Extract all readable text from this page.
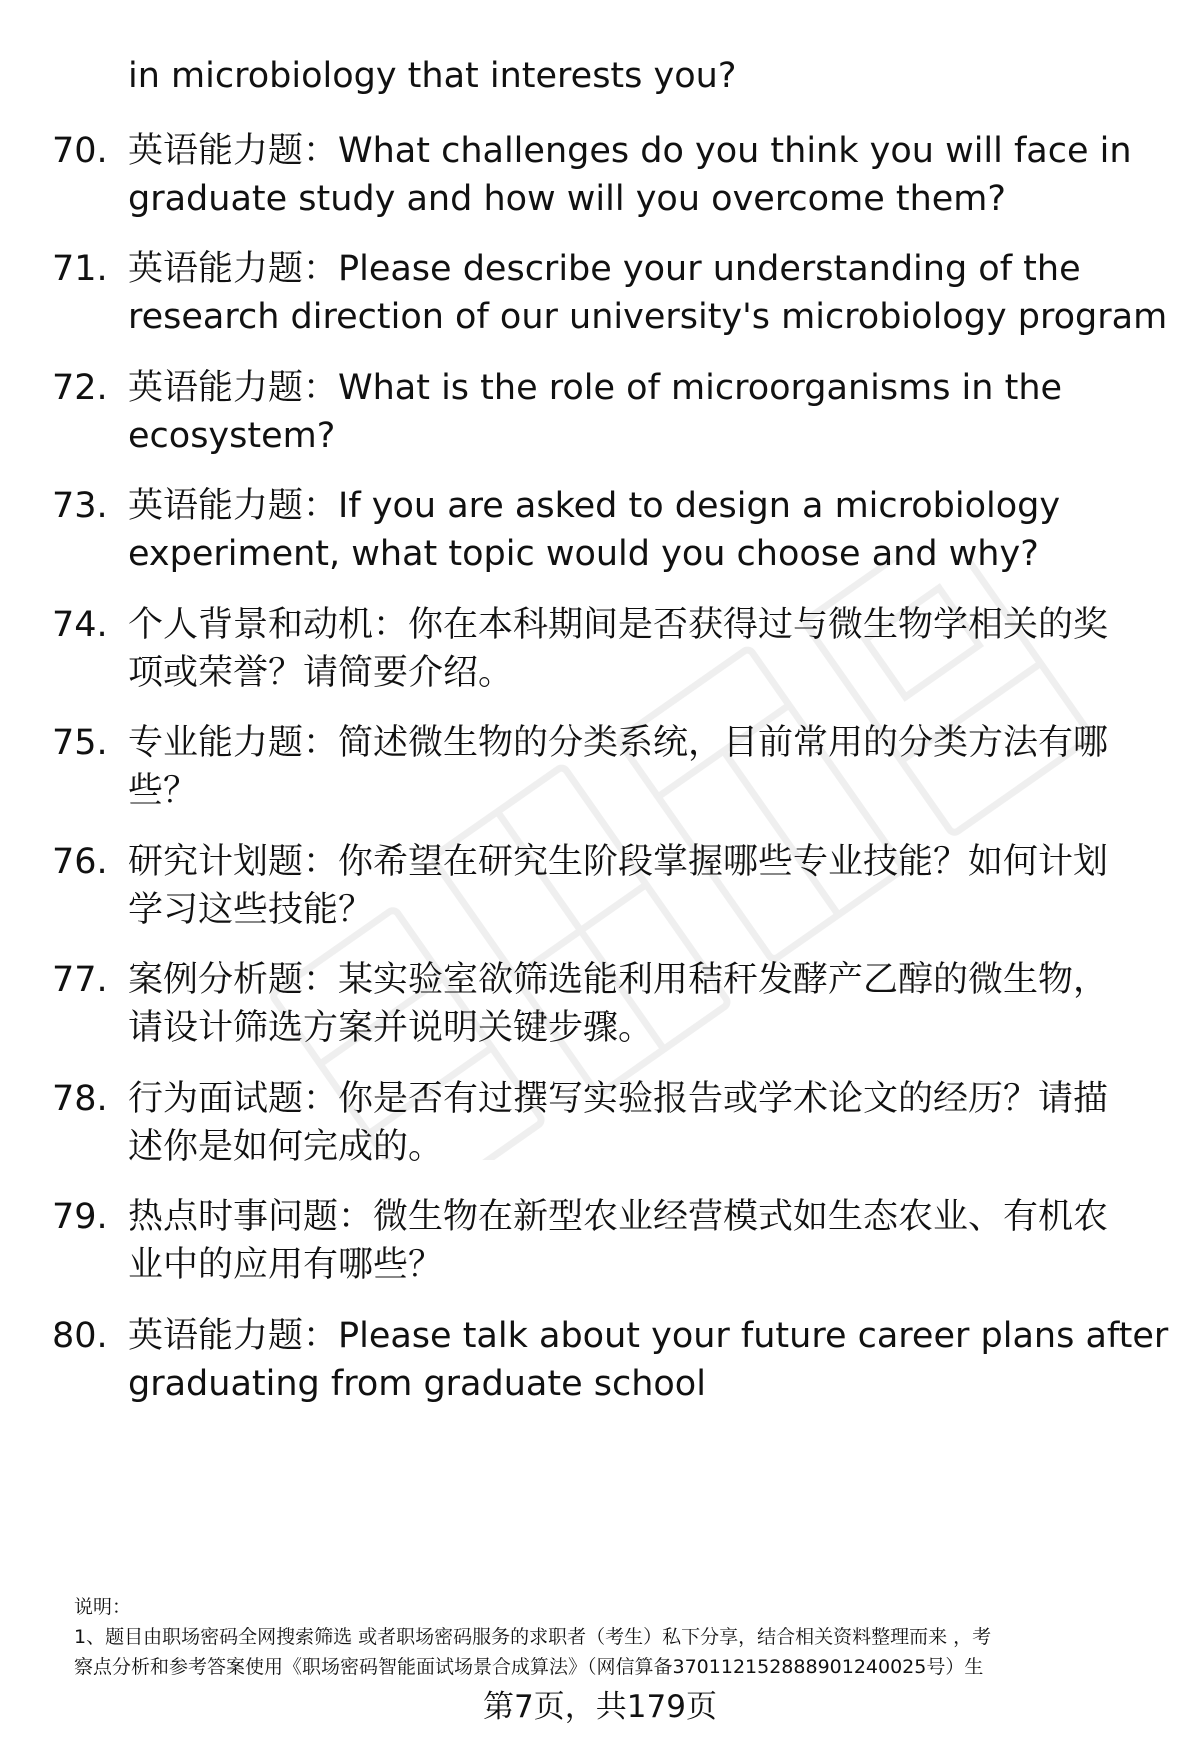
in microbiology that interests you?
70. 英语能力题：What challenges do you think you will face in
graduate study and how will you overcome them?
71. 英语能力题：Please describe your understanding of the
research direction of our university's microbiology program
72. 英语能力题：What is the role of microorganisms in the
ecosystem?
73. 英语能力题：If you are asked to design a microbiology
experiment, what topic would you choose and why?
74. 个人背景和动机：你在本科期间是否获得过与微生物学相关的奖
项或荣誉？请简要介绍。
75. 专业能力题：简述微生物的分类系统，目前常用的分类方法有哪
些？
76. 研究计划题：你希望在研究生阶段掌握哪些专业技能？如何计划
学习这些技能？
77. 案例分析题：某实验室欲筛选能利用秸秆发酵产乙醇的微生物，
请设计筛选方案并说明关键步骤。
78. 行为面试题：你是否有过撰写实验报告或学术论文的经历？请描
述你是如何完成的。
79. 热点时事问题：微生物在新型农业经营模式如生态农业、有机农
业中的应用有哪些？
80. 英语能力题：Please talk about your future career plans after
graduating from graduate school
说明：
1、题目由职场密码全网搜索筛选 或者职场密码服务的求职者（考生）私下分享，结合相关资料整理而来 ，考
察点分析和参考答案使用《职场密码智能面试场景合成算法》（网信算备370112152888901240025号）生
第7页，共179页
